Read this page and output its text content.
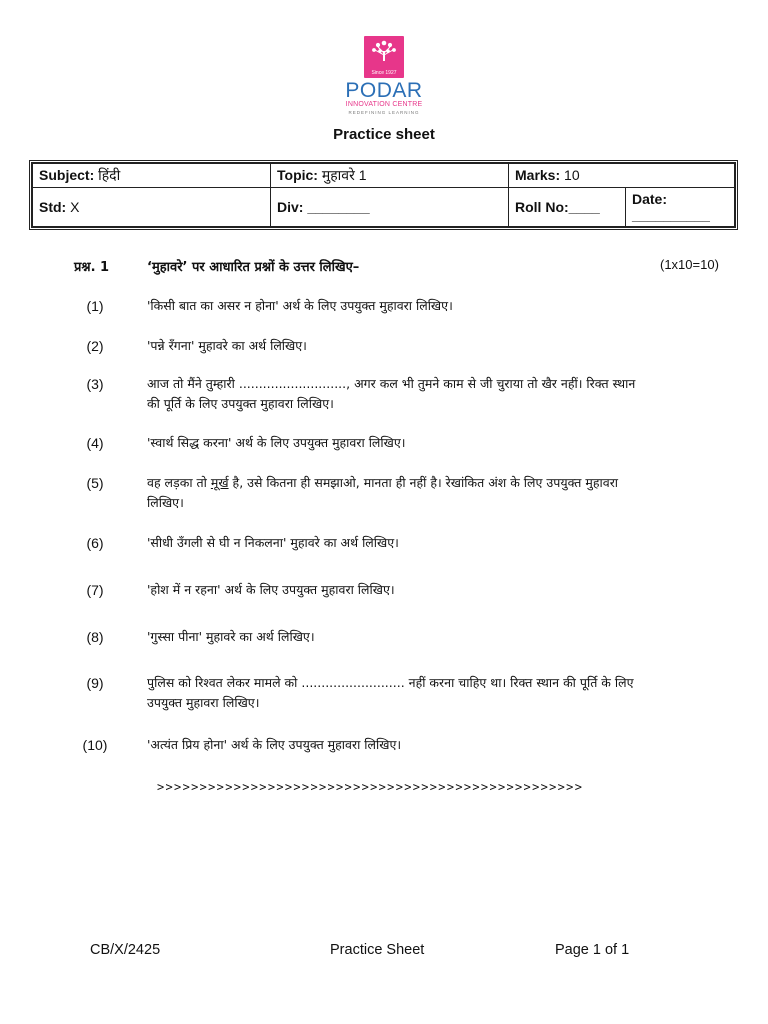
Since 1927
PODAR
INNOVATION CENTRE
REDEFINING LEARNING
Practice sheet
Subject: हिंदी	Topic: मुहावरे 1	Marks: 10	
Std: X	Div: ________	Roll No:____	Date: __________
प्रश्न. 1	‘मुहावरे’ पर आधारित प्रश्नों के उत्तर लिखिए–	(1x10=10)
(1)	'किसी बात का असर न होना' अर्थ के लिए उपयुक्त मुहावरा लिखिए।
(2)	'पन्ने रँगना' मुहावरे का अर्थ लिखिए।
(3)	आज तो मैंने तुम्हारी ..........................., अगर कल भी तुमने काम से जी चुराया तो खैर नहीं। रिक्त स्थान की पूर्ति के लिए उपयुक्त मुहावरा लिखिए।
(4)	'स्वार्थ सिद्ध करना' अर्थ के लिए उपयुक्त मुहावरा लिखिए।
(5)	वह लड़का तो मूर्ख है, उसे कितना ही समझाओ, मानता ही नहीं है। रेखांकित अंश के लिए उपयुक्त मुहावरा लिखिए।
(6)	'सीधी उँगली से घी न निकलना' मुहावरे का अर्थ लिखिए।
(7)	'होश में न रहना' अर्थ के लिए उपयुक्त मुहावरा लिखिए।
(8)	'गुस्सा पीना' मुहावरे का अर्थ लिखिए।
(9)	पुलिस को रिश्वत लेकर मामले को .......................... नहीं करना चाहिए था। रिक्त स्थान की पूर्ति के लिए उपयुक्त मुहावरा लिखिए।
(10)	'अत्यंत प्रिय होना' अर्थ के लिए उपयुक्त मुहावरा लिखिए।
>>>>>>>>>>>>>>>>>>>>>>>>>>>>>>>>>>>>>>>>>>>>>>>>>>
CB/X/2425	Practice Sheet	Page 1 of 1
